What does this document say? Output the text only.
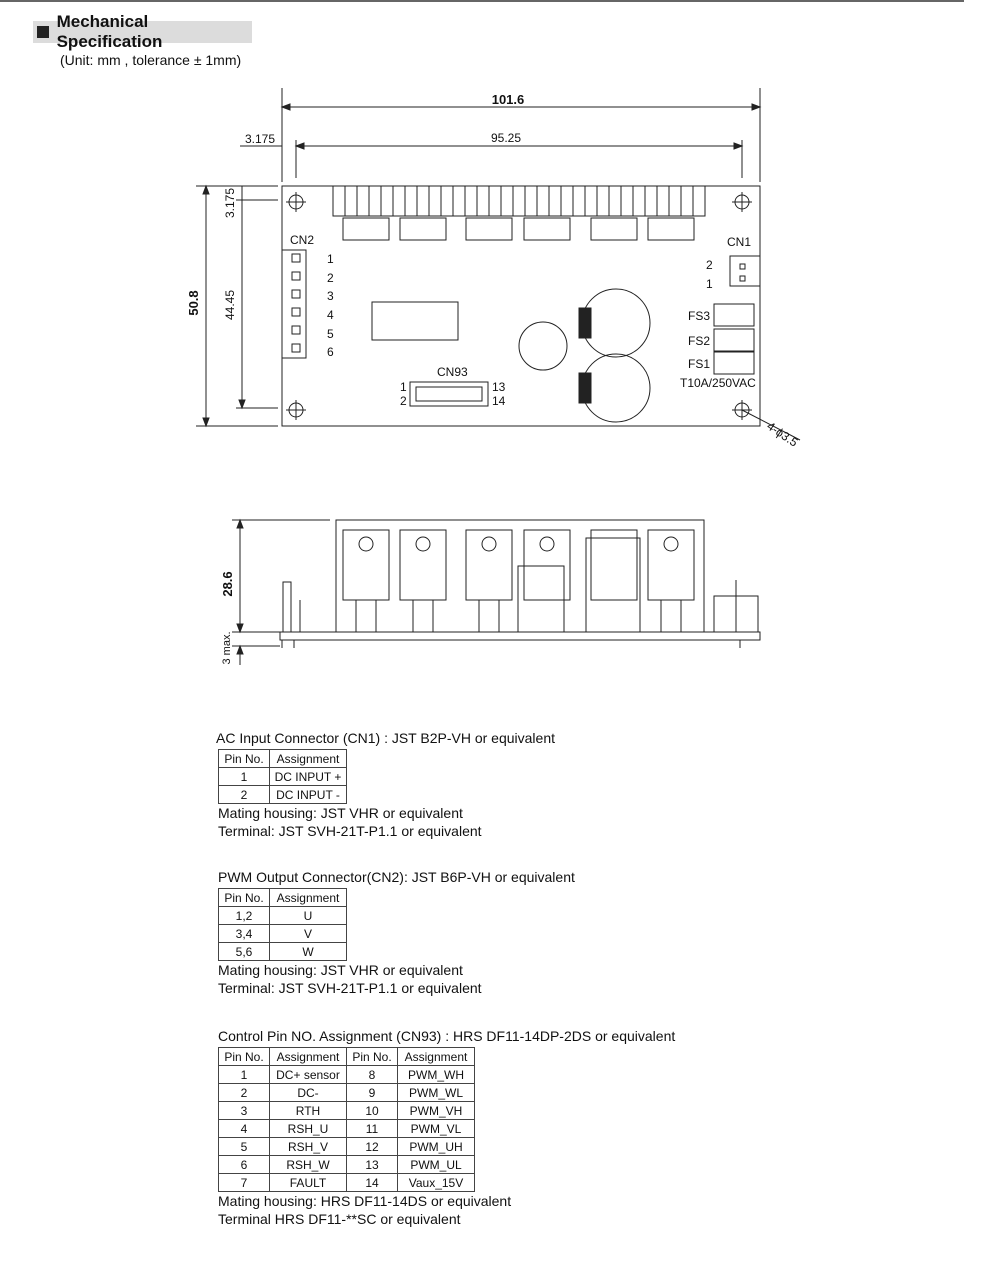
Mechanical Specification
(Unit: mm , tolerance ± 1mm)
101.6
95.25
3.175
3.175
50.8 44.45
CN2
1
2
3
4
5
6
CN1
2
1
FS3
FS2
FS1
T10A/250VAC
CN93
1
2
13
14
4-ϕ3.5
28.6
3 max.
AC Input Connector (CN1) : JST B2P-VH or equivalent
Pin No.	Assignment
1	DC INPUT +
2	DC INPUT -
Mating housing: JST VHR or equivalent
Terminal: JST SVH-21T-P1.1 or equivalent
PWM Output Connector(CN2): JST B6P-VH or equivalent
Pin No.	Assignment
1,2	U
3,4	V
5,6	W
Mating housing: JST VHR or equivalent
Terminal: JST SVH-21T-P1.1 or equivalent
Control Pin NO. Assignment (CN93) : HRS DF11-14DP-2DS or equivalent
Pin No.	Assignment	Pin No.	Assignment
1	DC+ sensor	8	PWM_WH
2	DC-	9	PWM_WL
3	RTH	10	PWM_VH
4	RSH_U	11	PWM_VL
5	RSH_V	12	PWM_UH
6	RSH_W	13	PWM_UL
7	FAULT	14	Vaux_15V
Mating housing: HRS DF11-14DS or equivalent
Terminal HRS DF11-**SC or equivalent
